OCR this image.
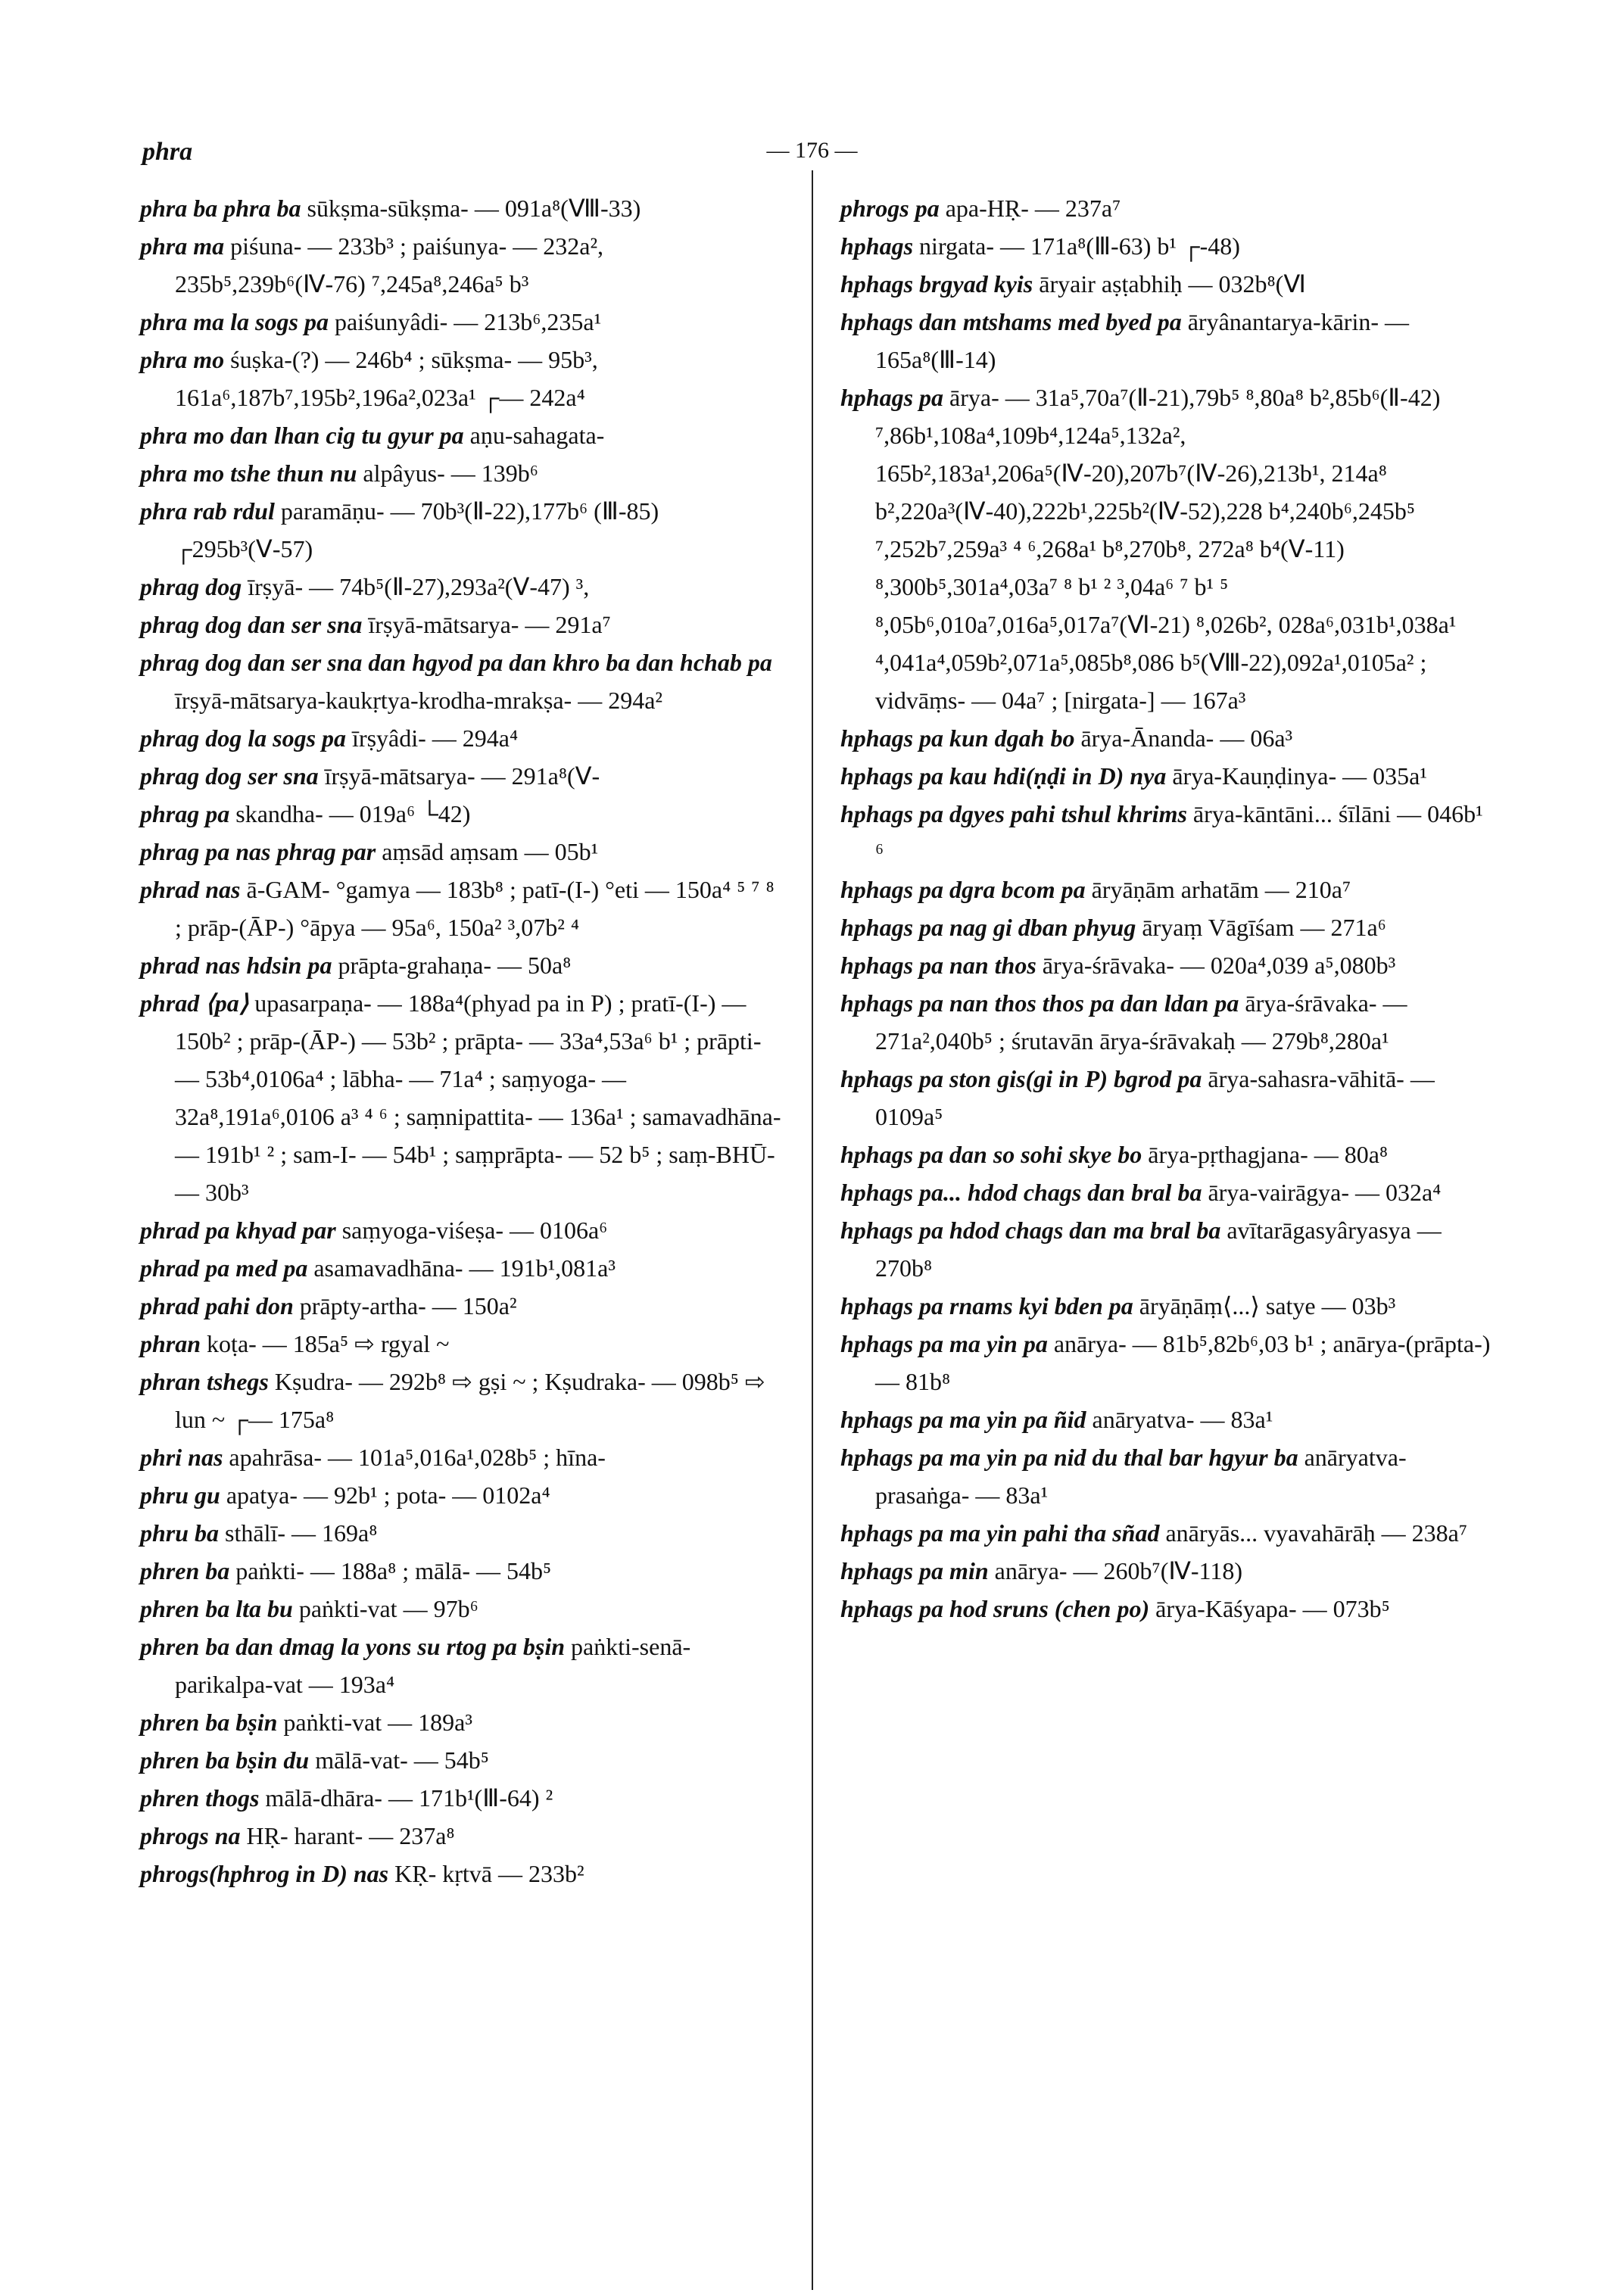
phra	— 176 —

phra ba phra ba sūkṣma-sūkṣma- — 091a⁸(Ⅷ-33)

phra ma piśuna- — 233b³ ; paiśunya- — 232a², 235b⁵,239b⁶(Ⅳ-76) ⁷,245a⁸,246a⁵ b³

phra ma la sogs pa paiśunyâdi- — 213b⁶,235a¹

phra mo śuṣka-(?) — 246b⁴ ; sūkṣma- — 95b³, 161a⁶,187b⁷,195b²,196a²,023a¹ ┌— 242a⁴

phra mo dan lhan cig tu gyur pa aṇu-sahagata-

phra mo tshe thun nu alpâyus- — 139b⁶

phra rab rdul paramāṇu- — 70b³(Ⅱ-22),177b⁶ (Ⅲ-85) ┌295b³(Ⅴ-57)

phrag dog īrṣyā- — 74b⁵(Ⅱ-27),293a²(Ⅴ-47) ³,

phrag dog dan ser sna īrṣyā-mātsarya- — 291a⁷

phrag dog dan ser sna dan hgyod pa dan khro ba dan hchab pa īrṣyā-mātsarya-kaukṛtya-krodha-mrakṣa- — 294a²

phrag dog la sogs pa īrṣyâdi- — 294a⁴

phrag dog ser sna īrṣyā-mātsarya- — 291a⁸(Ⅴ-

phrag pa skandha- — 019a⁶ └42)

phrag pa nas phrag par aṃsād aṃsam — 05b¹

phrad nas ā-GAM- °gamya — 183b⁸ ; patī-(I-) °eti — 150a⁴ ⁵ ⁷ ⁸ ; prāp-(ĀP-) °āpya — 95a⁶, 150a² ³,07b² ⁴

phrad nas hdsin pa prāpta-grahaṇa- — 50a⁸

phrad ⟨pa⟩ upasarpaṇa- — 188a⁴(phyad pa in P) ; pratī-(I-) — 150b² ; prāp-(ĀP-) — 53b² ; prāpta- — 33a⁴,53a⁶ b¹ ; prāpti- — 53b⁴,0106a⁴ ; lābha- — 71a⁴ ; saṃyoga- — 32a⁸,191a⁶,0106 a³ ⁴ ⁶ ; saṃnipattita- — 136a¹ ; samavadhāna- — 191b¹ ² ; sam-I- — 54b¹ ; saṃprāpta- — 52 b⁵ ; saṃ-BHŪ- — 30b³

phrad pa khyad par saṃyoga-viśeṣa- — 0106a⁶

phrad pa med pa asamavadhāna- — 191b¹,081a³

phrad pahi don prāpty-artha- — 150a²

phran koṭa- — 185a⁵ ⇨ rgyal ~

phran tshegs Kṣudra- — 292b⁸ ⇨ gṣi ~ ; Kṣudraka- — 098b⁵ ⇨ lun ~ ┌— 175a⁸

phri nas apahrāsa- — 101a⁵,016a¹,028b⁵ ; hīna-

phru gu apatya- — 92b¹ ; pota- — 0102a⁴

phru ba sthālī- — 169a⁸

phren ba paṅkti- — 188a⁸ ; mālā- — 54b⁵

phren ba lta bu paṅkti-vat — 97b⁶

phren ba dan dmag la yons su rtog pa bṣin paṅkti-senā-parikalpa-vat — 193a⁴

phren ba bṣin paṅkti-vat — 189a³

phren ba bṣin du mālā-vat- — 54b⁵

phren thogs mālā-dhāra- — 171b¹(Ⅲ-64) ²

phrogs na HṚ- harant- — 237a⁸

phrogs(hphrog in D) nas KṚ- kṛtvā — 233b²

phrogs pa apa-HṚ- — 237a⁷

hphags nirgata- — 171a⁸(Ⅲ-63) b¹ ┌-48)

hphags brgyad kyis āryair aṣṭabhiḥ — 032b⁸(Ⅵ

hphags dan mtshams med byed pa āryânantarya-kārin- — 165a⁸(Ⅲ-14)

hphags pa ārya- — 31a⁵,70a⁷(Ⅱ-21),79b⁵ ⁸,80a⁸ b²,85b⁶(Ⅱ-42) ⁷,86b¹,108a⁴,109b⁴,124a⁵,132a², 165b²,183a¹,206a⁵(Ⅳ-20),207b⁷(Ⅳ-26),213b¹, 214a⁸ b²,220a³(Ⅳ-40),222b¹,225b²(Ⅳ-52),228 b⁴,240b⁶,245b⁵ ⁷,252b⁷,259a³ ⁴ ⁶,268a¹ b⁸,270b⁸, 272a⁸ b⁴(Ⅴ-11) ⁸,300b⁵,301a⁴,03a⁷ ⁸ b¹ ² ³,04a⁶ ⁷ b¹ ⁵ ⁸,05b⁶,010a⁷,016a⁵,017a⁷(Ⅵ-21) ⁸,026b², 028a⁶,031b¹,038a¹ ⁴,041a⁴,059b²,071a⁵,085b⁸,086 b⁵(Ⅷ-22),092a¹,0105a² ; vidvāṃs- — 04a⁷ ; [nirgata-] — 167a³

hphags pa kun dgah bo ārya-Ānanda- — 06a³

hphags pa kau hdi(ṇḍi in D) nya ārya-Kauṇḍinya- — 035a¹

hphags pa dgyes pahi tshul khrims ārya-kāntāni... śīlāni — 046b¹ ⁶

hphags pa dgra bcom pa āryāṇām arhatām — 210a⁷

hphags pa nag gi dban phyug āryaṃ Vāgīśam — 271a⁶

hphags pa nan thos ārya-śrāvaka- — 020a⁴,039 a⁵,080b³

hphags pa nan thos thos pa dan ldan pa ārya-śrāvaka- — 271a²,040b⁵ ; śrutavān ārya-śrāvakaḥ — 279b⁸,280a¹

hphags pa ston gis(gi in P) bgrod pa ārya-sahasra-vāhitā- — 0109a⁵

hphags pa dan so sohi skye bo ārya-pṛthagjana- — 80a⁸

hphags pa... hdod chags dan bral ba ārya-vairāgya- — 032a⁴

hphags pa hdod chags dan ma bral ba avītarāgasyâryasya — 270b⁸

hphags pa rnams kyi bden pa āryāṇāṃ⟨...⟩ satye — 03b³

hphags pa ma yin pa anārya- — 81b⁵,82b⁶,03 b¹ ; anārya-(prāpta-) — 81b⁸

hphags pa ma yin pa ñid anāryatva- — 83a¹

hphags pa ma yin pa nid du thal bar hgyur ba anāryatva-prasaṅga- — 83a¹

hphags pa ma yin pahi tha sñad anāryās... vyavahārāḥ — 238a⁷

hphags pa min anārya- — 260b⁷(Ⅳ-118)

hphags pa hod sruns (chen po) ārya-Kāśyapa- — 073b⁵
